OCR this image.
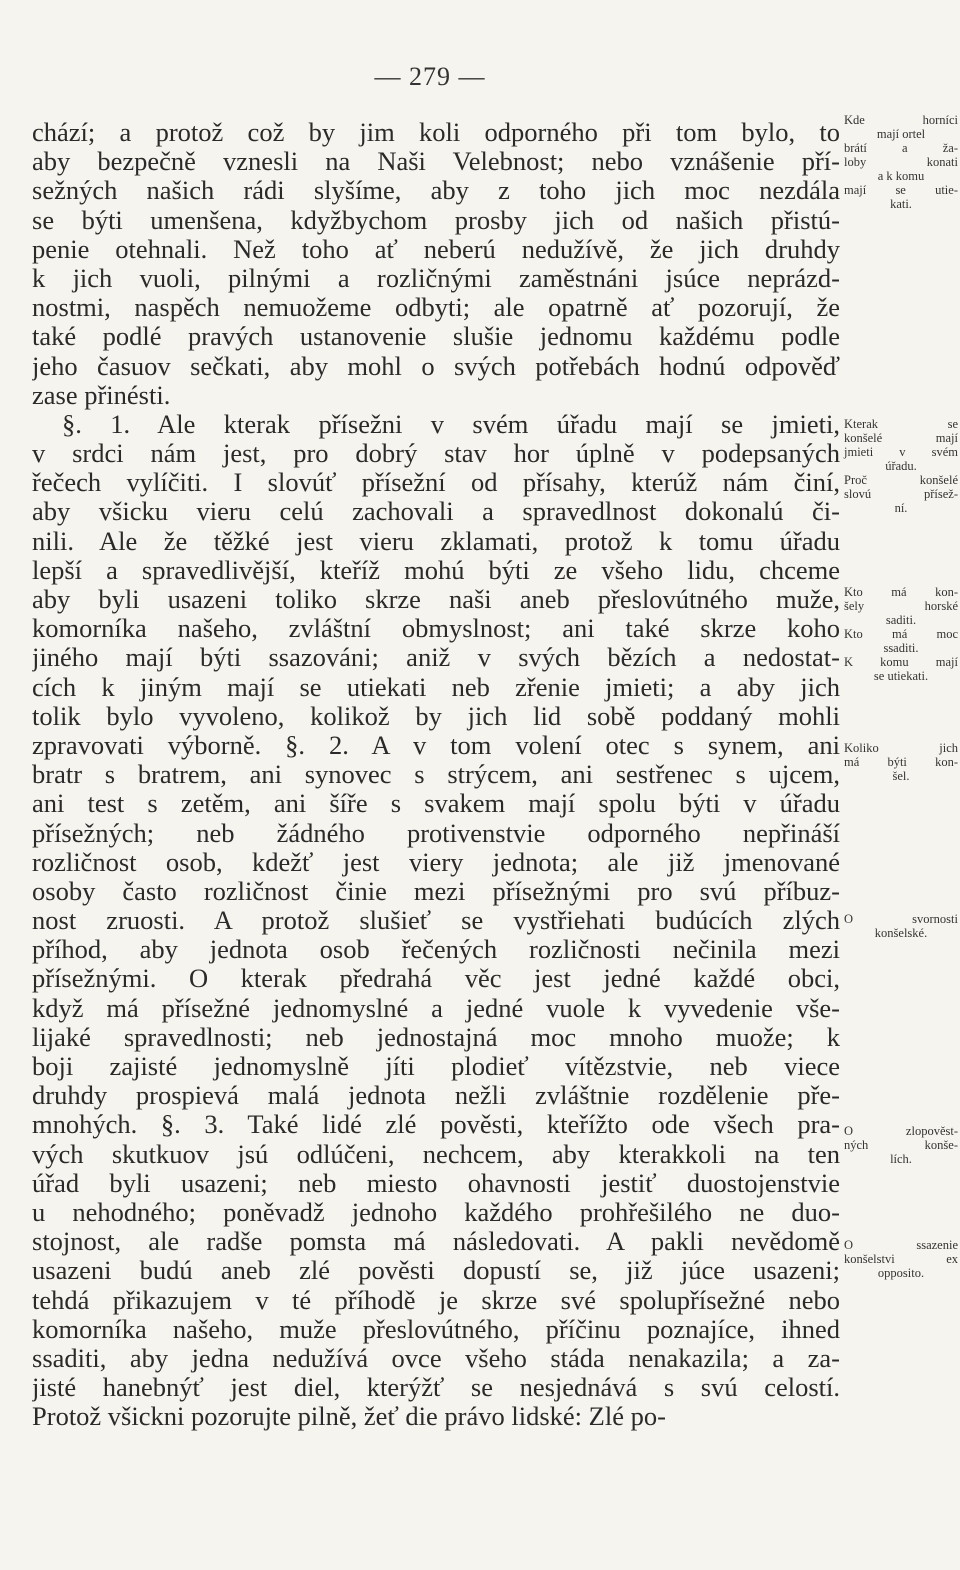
— 279 —
chází; a protož což by jim koli odporného při tom bylo, to
aby bezpečně vznesli na Naši Velebnost; nebo vznášenie pří-
sežných našich rádi slyšíme, aby z toho jich moc nezdála
se býti umenšena, kdyžbychom prosby jich od našich přistú-
penie otehnali. Než toho ať neberú nedužívě, že jich druhdy
k jich vuoli, pilnými a rozličnými zaměstnáni jsúce neprázd-
nostmi, naspěch nemuožeme odbyti; ale opatrně ať pozorují, že
také podlé pravých ustanovenie slušie jednomu každému podle
jeho časuov sečkati, aby mohl o svých potřebách hodnú odpověď
zase přinésti.
§. 1. Ale kterak přísežni v svém úřadu mají se jmieti,
v srdci nám jest, pro dobrý stav hor úplně v podepsaných
řečech vylíčiti. I slovúť přísežní od přísahy, kterúž nám činí,
aby všicku vieru celú zachovali a spravedlnost dokonalú či-
nili. Ale že těžké jest vieru zklamati, protož k tomu úřadu
lepší a spravedlivější, kteříž mohú býti ze všeho lidu, chceme
aby byli usazeni toliko skrze naši aneb přeslovútného muže,
komorníka našeho, zvláštní obmyslnost; ani také skrze koho
jiného mají býti ssazováni; aniž v svých bězích a nedostat-
cích k jiným mají se utiekati neb zřenie jmieti; a aby jich
tolik bylo vyvoleno, kolikož by jich lid sobě poddaný mohli
zpravovati výborně. §. 2. A v tom volení otec s synem, ani
bratr s bratrem, ani synovec s strýcem, ani sestřenec s ujcem,
ani test s zetěm, ani šíře s svakem mají spolu býti v úřadu
přísežných; neb žádného protivenstvie odporného nepřináší
rozličnost osob, kdežť jest viery jednota; ale již jmenované
osoby často rozličnost činie mezi přísežnými pro svú příbuz-
nost zruosti. A protož slušieť se vystřiehati budúcích zlých
příhod, aby jednota osob řečených rozličnosti nečinila mezi
přísežnými. O kterak předrahá věc jest jedné každé obci,
když má přísežné jednomyslné a jedné vuole k vyvedenie vše-
lijaké spravedlnosti; neb jednostajná moc mnoho muože; k
boji zajisté jednomyslně jíti plodieť vítězstvie, neb viece
druhdy prospievá malá jednota nežli zvláštnie rozdělenie pře-
mnohých. §. 3. Také lidé zlé pověsti, kteřížto ode všech pra-
vých skutkuov jsú odlúčeni, nechcem, aby kterakkoli na ten
úřad byli usazeni; neb miesto ohavnosti jestiť duostojenstvie
u nehodného; poněvadž jednoho každého prohřešilého ne duo-
stojnost, ale radše pomsta má následovati. A pakli nevědomě
usazeni budú aneb zlé pověsti dopustí se, již júce usazeni;
tehdá přikazujem v té příhodě je skrze své spolupřísežné nebo
komorníka našeho, muže přeslovútného, příčinu poznajíce, ihned
ssaditi, aby jedna nedužívá ovce všeho stáda nenakazila; a za-
jisté hanebnýť jest diel, kterýžť se nesjednává s svú celostí.
Protož všickni pozorujte pilně, žeť die právo lidské: Zlé po-
Kde horníci
mají ortel
brátí a ža-
loby konati
a k komu
mají se utie-
kati.
Kterak se
konšelé mají
jmieti v svém
úřadu.
Proč konšelé
slovú přísež-
ní.
Kto má kon-
šely horské
saditi.
Kto má moc
ssaditi.
K komu mají
se utiekati.
Koliko jich
má býti kon-
šel.
O svornosti
konšelské.
O zlopověst-
ných konše-
lích.
O ssazenie
konšelstvi ex
opposito.
